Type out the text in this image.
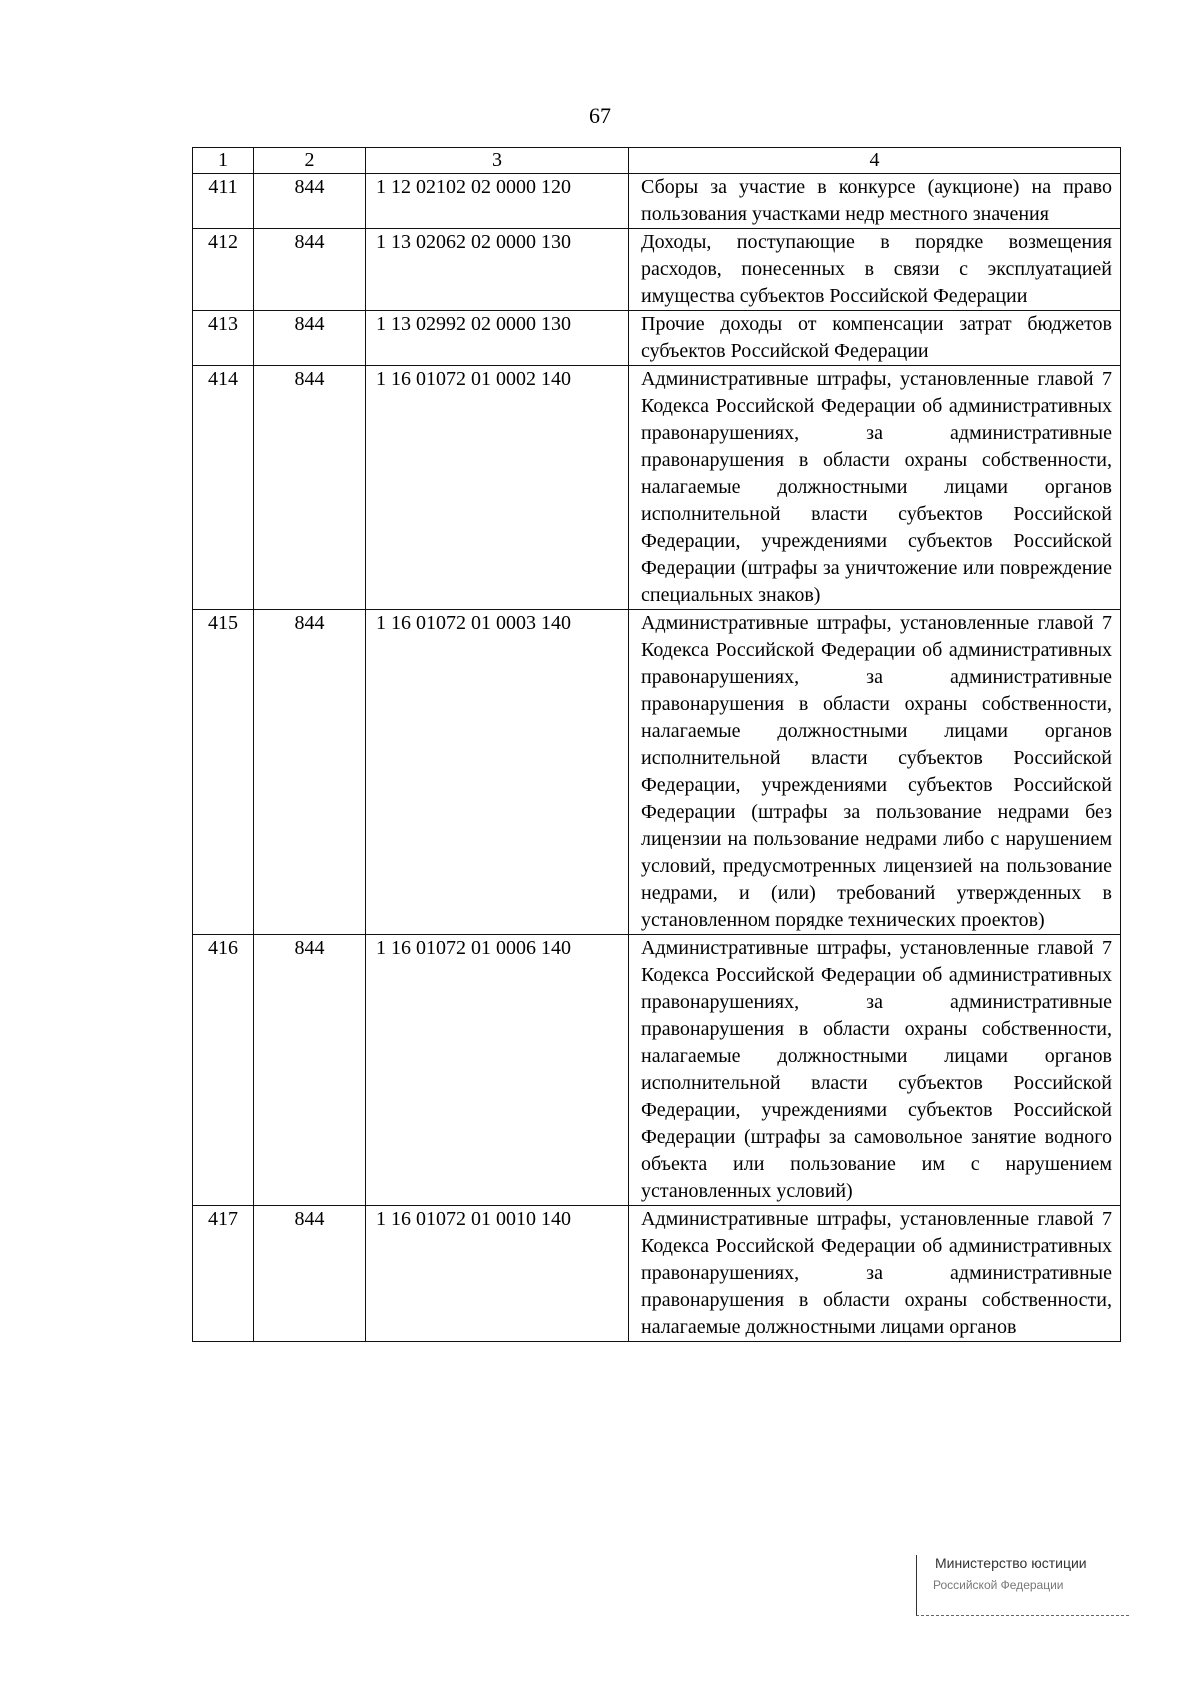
67
1	2	3	4
411	844	1 12 02102 02 0000 120	Сборы за участие в конкурсе (аукционе) на право пользования участками недр местного значения
412	844	1 13 02062 02 0000 130	Доходы, поступающие в порядке возмещения расходов, понесенных в связи с эксплуатацией имущества субъектов Российской Федерации
413	844	1 13 02992 02 0000 130	Прочие доходы от компенсации затрат бюджетов субъектов Российской Федерации
414	844	1 16 01072 01 0002 140	Административные штрафы, установленные главой 7 Кодекса Российской Федерации об административных правонарушениях, за административные правонарушения в области охраны собственности, налагаемые должностными лицами органов исполнительной власти субъектов Российской Федерации, учреждениями субъектов Российской Федерации (штрафы за уничтожение или повреждение специальных знаков)
415	844	1 16 01072 01 0003 140	Административные штрафы, установленные главой 7 Кодекса Российской Федерации об административных правонарушениях, за административные правонарушения в области охраны собственности, налагаемые должностными лицами органов исполнительной власти субъектов Российской Федерации, учреждениями субъектов Российской Федерации (штрафы за пользование недрами без лицензии на пользование недрами либо с нарушением условий, предусмотренных лицензией на пользование недрами, и (или) требований утвержденных в установленном порядке технических проектов)
416	844	1 16 01072 01 0006 140	Административные штрафы, установленные главой 7 Кодекса Российской Федерации об административных правонарушениях, за административные правонарушения в области охраны собственности, налагаемые должностными лицами органов исполнительной власти субъектов Российской Федерации, учреждениями субъектов Российской Федерации (штрафы за самовольное занятие водного объекта или пользование им с нарушением установленных условий)
417	844	1 16 01072 01 0010 140	Административные штрафы, установленные главой 7 Кодекса Российской Федерации об административных правонарушениях, за административные правонарушения в области охраны собственности, налагаемые должностными лицами органов
Министерство юстиции
Российской Федерации
